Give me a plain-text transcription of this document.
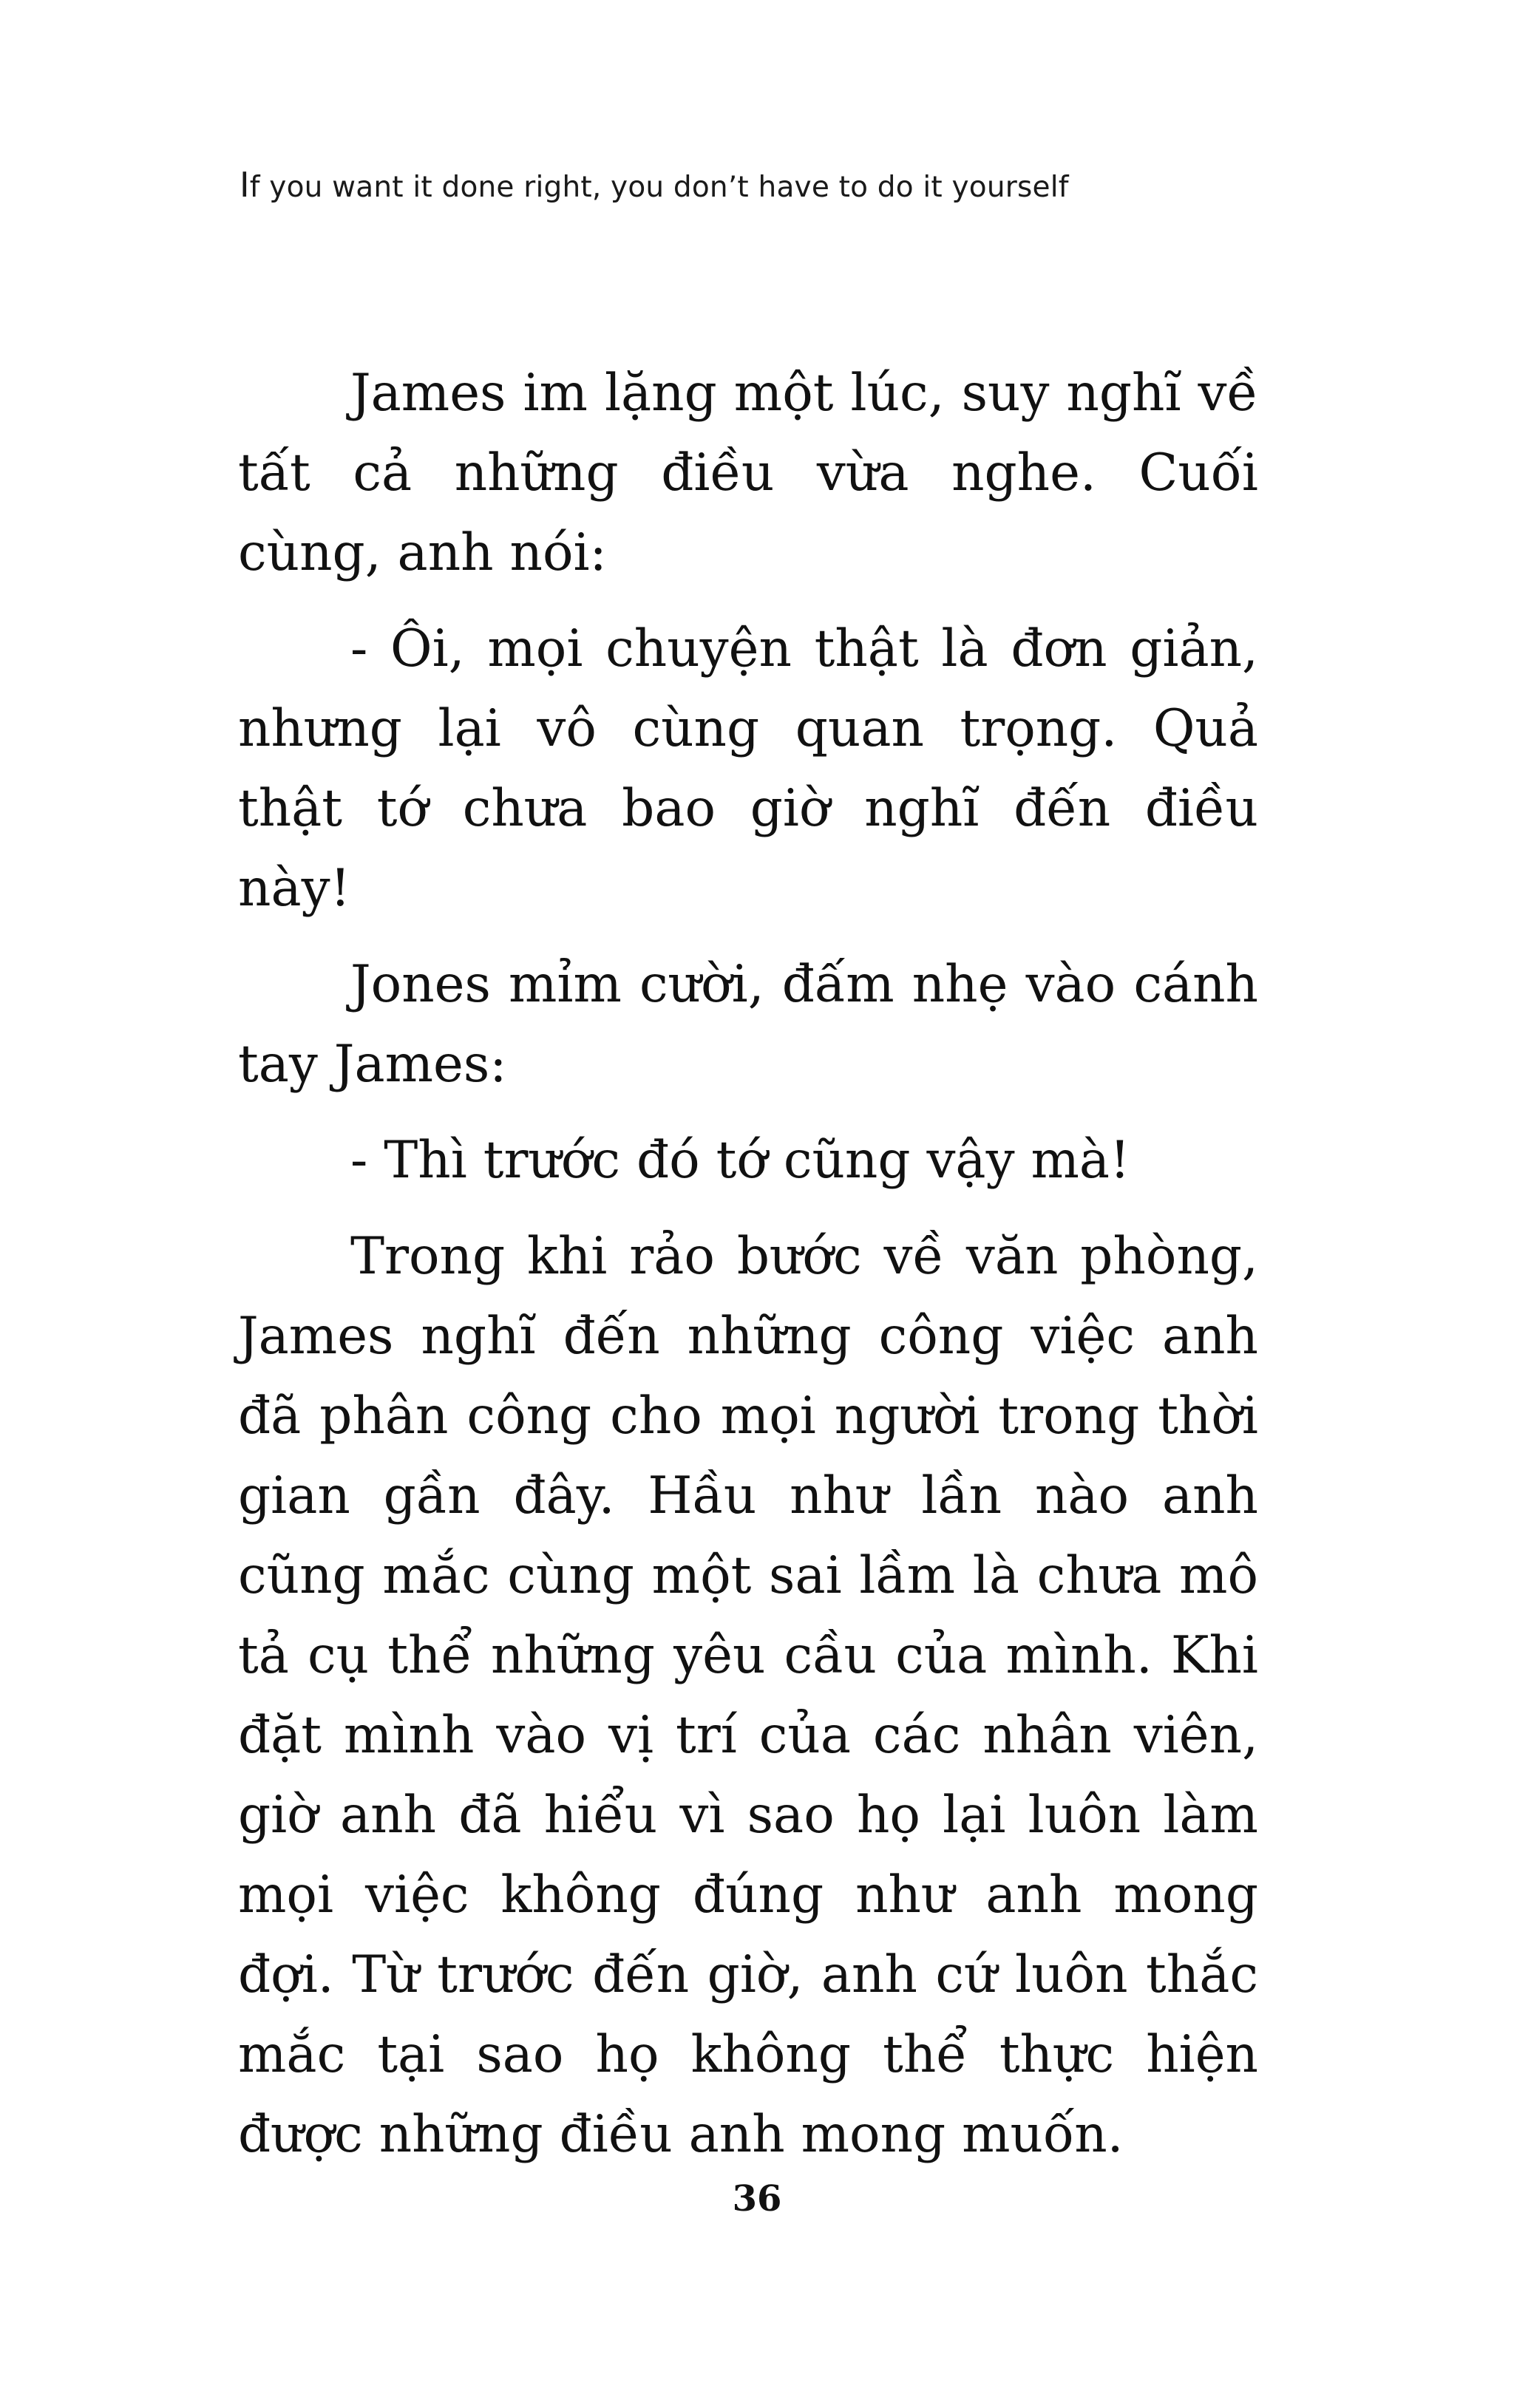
If you want it done right, you don’t have to do it yourself

James im lặng một lúc, suy nghĩ về tất cả những điều vừa nghe. Cuối cùng, anh nói:

- Ôi, mọi chuyện thật là đơn giản, nhưng lại vô cùng quan trọng. Quả thật tớ chưa bao giờ nghĩ đến điều này!

Jones mỉm cười, đấm nhẹ vào cánh tay James:

- Thì trước đó tớ cũng vậy mà!

Trong khi rảo bước về văn phòng, James nghĩ đến những công việc anh đã phân công cho mọi người trong thời gian gần đây. Hầu như lần nào anh cũng mắc cùng một sai lầm là chưa mô tả cụ thể những yêu cầu của mình. Khi đặt mình vào vị trí của các nhân viên, giờ anh đã hiểu vì sao họ lại luôn làm mọi việc không đúng như anh mong đợi. Từ trước đến giờ, anh cứ luôn thắc mắc tại sao họ không thể thực hiện được những điều anh mong muốn.

36
